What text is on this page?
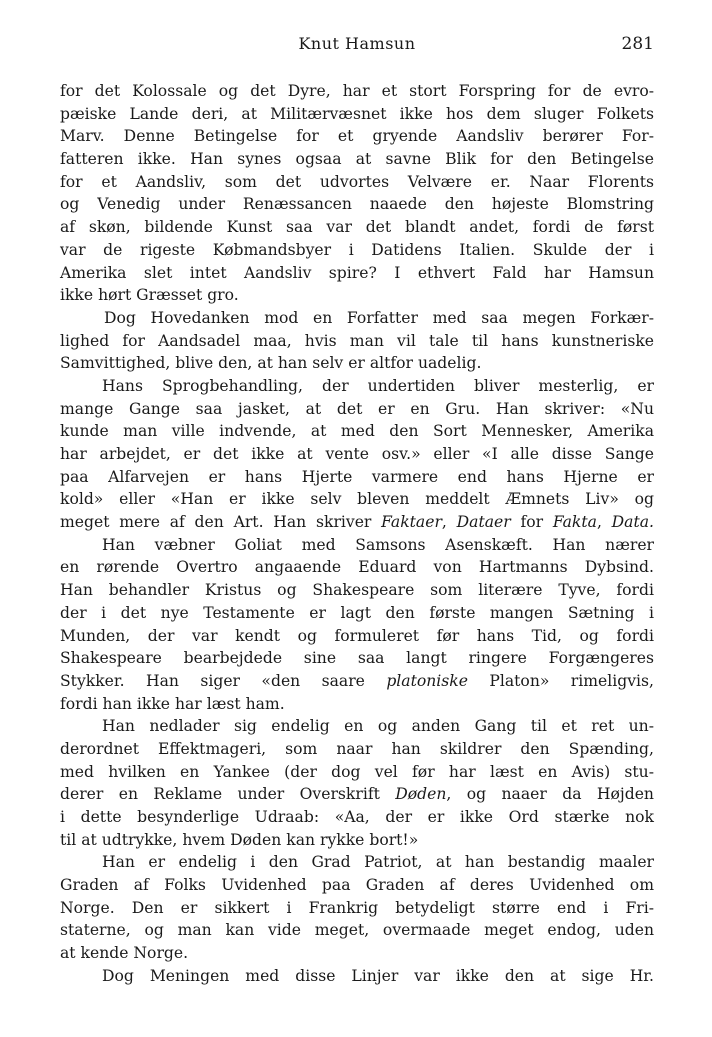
Knut Hamsun	281
for det Kolossale og det Dyre, har et stort Forspring for de evro-
pæiske Lande deri, at Militærvæsnet ikke hos dem sluger Folkets
Marv. Denne Betingelse for et gryende Aandsliv berører For-
fatteren ikke. Han synes ogsaa at savne Blik for den Betingelse
for et Aandsliv, som det udvortes Velvære er. Naar Florents
og Venedig under Renæssancen naaede den højeste Blomstring
af skøn, bildende Kunst saa var det blandt andet, fordi de først
var de rigeste Købmandsbyer i Datidens Italien. Skulde der i
Amerika slet intet Aandsliv spire? I ethvert Fald har Hamsun
ikke hørt Græsset gro.
Dog Hovedanken mod en Forfatter med saa megen Forkær-
lighed for Aandsadel maa, hvis man vil tale til hans kunstneriske
Samvittighed, blive den, at han selv er altfor uadelig.
Hans Sprogbehandling, der undertiden bliver mesterlig, er
mange Gange saa jasket, at det er en Gru. Han skriver: «Nu
kunde man ville indvende, at med den Sort Mennesker, Amerika
har arbejdet, er det ikke at vente osv.» eller «I alle disse Sange
paa Alfarvejen er hans Hjerte varmere end hans Hjerne er
kold» eller «Han er ikke selv bleven meddelt Æmnets Liv» og
meget mere af den Art. Han skriver Faktaer, Dataer for Fakta, Data.
Han væbner Goliat med Samsons Asenskæft. Han nærer
en rørende Overtro angaaende Eduard von Hartmanns Dybsind.
Han behandler Kristus og Shakespeare som literære Tyve, fordi
der i det nye Testamente er lagt den første mangen Sætning i
Munden, der var kendt og formuleret før hans Tid, og fordi
Shakespeare bearbejdede sine saa langt ringere Forgængeres
Stykker. Han siger «den saare platoniske Platon» rimeligvis,
fordi han ikke har læst ham.
Han nedlader sig endelig en og anden Gang til et ret un-
derordnet Effektmageri, som naar han skildrer den Spænding,
med hvilken en Yankee (der dog vel før har læst en Avis) stu-
derer en Reklame under Overskrift Døden, og naaer da Højden
i dette besynderlige Udraab: «Aa, der er ikke Ord stærke nok
til at udtrykke, hvem Døden kan rykke bort!»
Han er endelig i den Grad Patriot, at han bestandig maaler
Graden af Folks Uvidenhed paa Graden af deres Uvidenhed om
Norge. Den er sikkert i Frankrig betydeligt større end i Fri-
staterne, og man kan vide meget, overmaade meget endog, uden
at kende Norge.
Dog Meningen med disse Linjer var ikke den at sige Hr.
